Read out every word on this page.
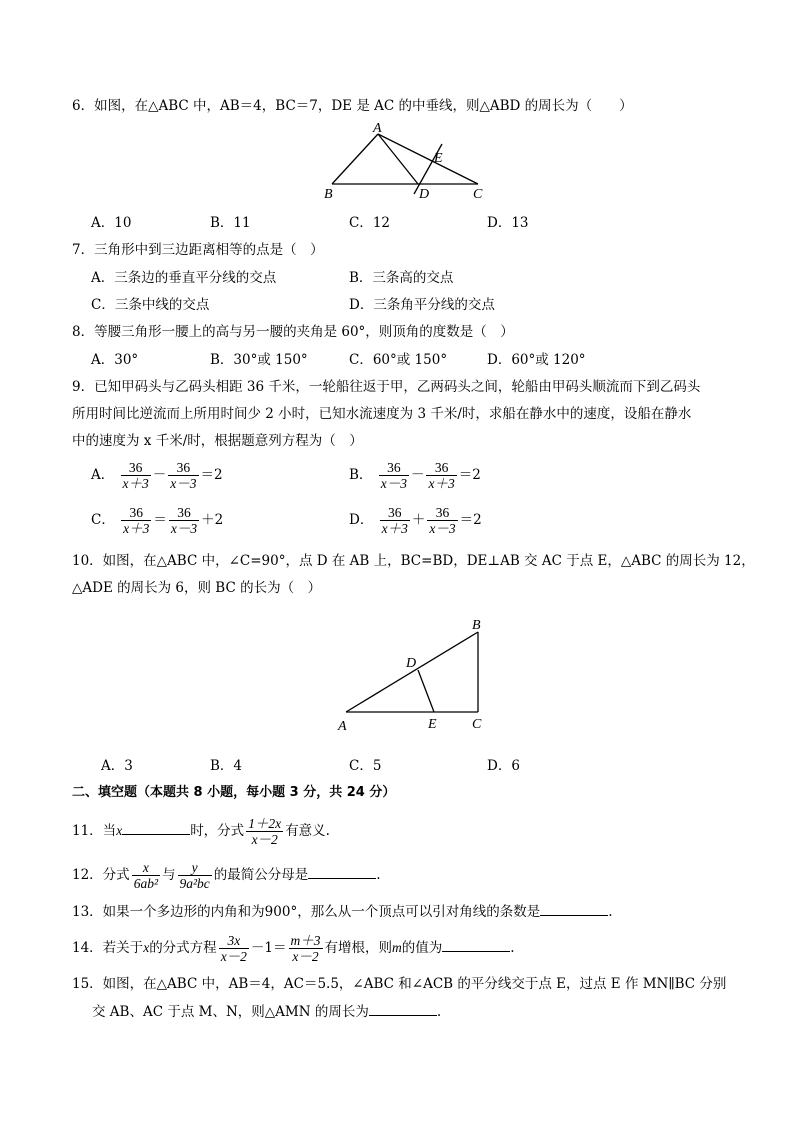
6．如图，在△ABC 中，AB＝4，BC＝7，DE 是 AC 的中垂线，则△ABD 的周长为（　　）
A
B	C
D
E
A．10	B．11	C．12	D．13
7．三角形中到三边距离相等的点是（　）
A．三条边的垂直平分线的交点	B．三条高的交点
C．三条中线的交点	D．三条角平分线的交点
8．等腰三角形一腰上的高与另一腰的夹角是 60°，则顶角的度数是（　）
A．30°	B．30°或 150°	C．60°或 150°	D．60°或 120°
9．已知甲码头与乙码头相距 36 千米，一轮船往返于甲，乙两码头之间，轮船由甲码头顺流而下到乙码头
所用时间比逆流而上所用时间少 2 小时，已知水流速度为 3 千米/时，求船在静水中的速度，设船在静水
中的速度为 x 千米/时，根据题意列方程为（　）
A． $\frac{36}{x+3} - \frac{36}{x-3} =2$	B． $\frac{36}{x-3} - \frac{36}{x+3} =2$
C． $\frac{36}{x+3} = \frac{36}{x-3} +2$	D． $\frac{36}{x+3} + \frac{36}{x-3} =2$
10．如图，在△ABC 中，∠C=90°，点 D 在 AB 上，BC=BD，DE⊥AB 交 AC 于点 E，△ABC 的周长为 12，
△ADE 的周长为 6，则 BC 的长为（　）
B
D
A	E	C
A．3	B．4	C．5	D．6
二、填空题（本题共 8 小题，每小题 3 分，共 24 分）
11．当x	时，分式 $\frac{1+2x}{x-2}$ 有意义.
12．分式 $\frac{x}{\text{6ab²}}$ 与 $\frac{y}{\text{9a²bc}}$ 的最简公分母是	.
13．如果一个多边形的内角和为900°，那么从一个顶点可以引对角线的条数是	.
14．若关于x的分式方程 $\frac{3x}{x-2} -1= \frac{m+3}{x-2}$ 有增根，则m的值为	.
15．如图，在△ABC 中，AB＝4，AC＝5.5，∠ABC 和∠ACB 的平分线交于点 E，过点 E 作 MN∥BC 分别
交 AB、AC 于点 M、N，则△AMN 的周长为	.
